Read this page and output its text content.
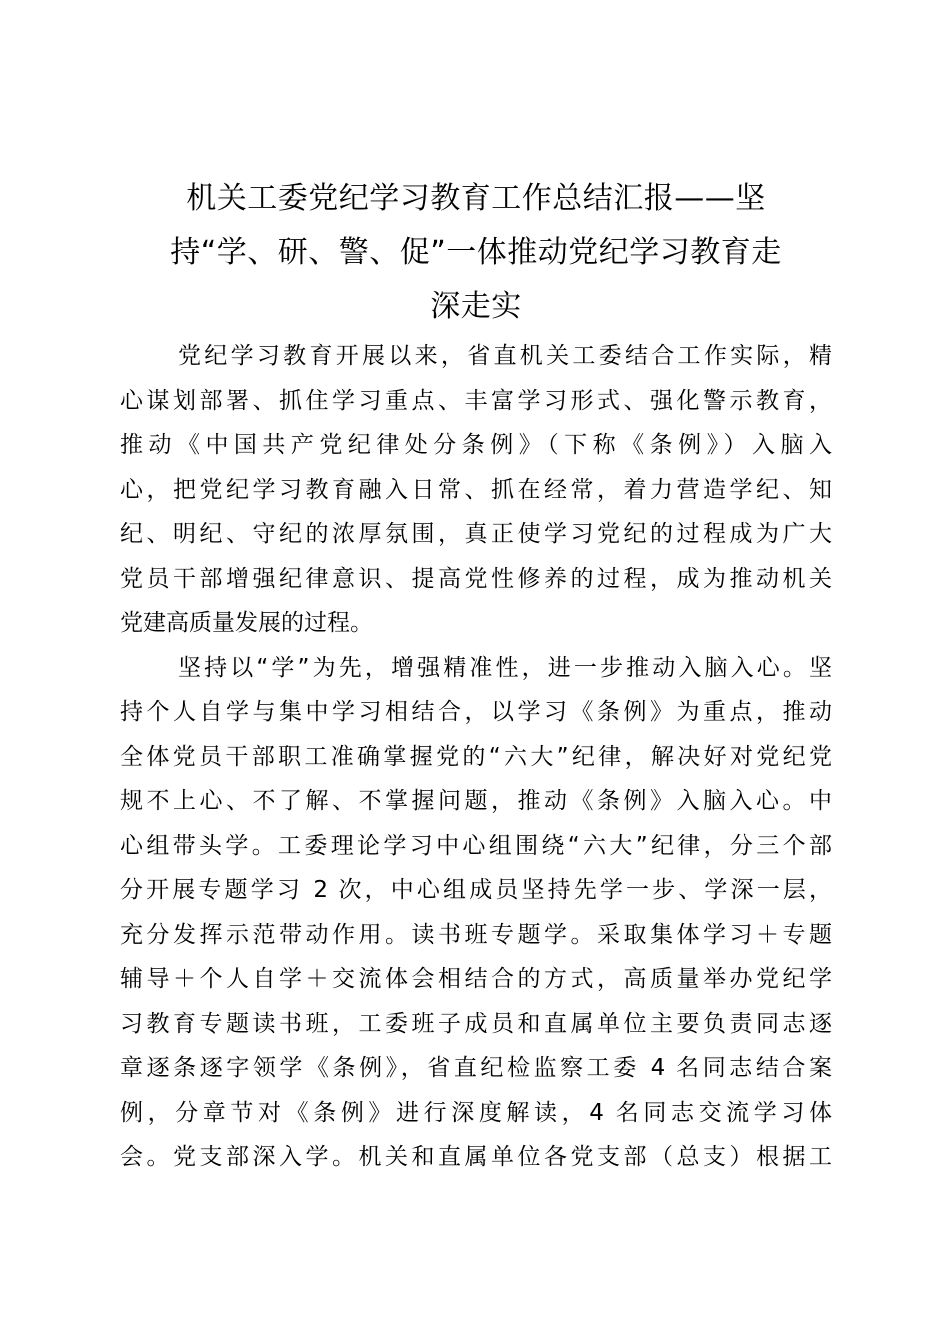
机关工委党纪学习教育工作总结汇报——坚
持“学、研、警、促”一体推动党纪学习教育走
深走实

党纪学习教育开展以来，省直机关工委结合工作实际，精
心谋划部署、抓住学习重点、丰富学习形式、强化警示教育，
推动《中国共产党纪律处分条例》（下称《条例》）入脑入
心，把党纪学习教育融入日常、抓在经常，着力营造学纪、知
纪、明纪、守纪的浓厚氛围，真正使学习党纪的过程成为广大
党员干部增强纪律意识、提高党性修养的过程，成为推动机关
党建高质量发展的过程。

坚持以“学”为先，增强精准性，进一步推动入脑入心。坚
持个人自学与集中学习相结合，以学习《条例》为重点，推动
全体党员干部职工准确掌握党的“六大”纪律，解决好对党纪党
规不上心、不了解、不掌握问题，推动《条例》入脑入心。中
心组带头学。工委理论学习中心组围绕“六大”纪律，分三个部
分开展专题学习 2 次，中心组成员坚持先学一步、学深一层，
充分发挥示范带动作用。读书班专题学。采取集体学习＋专题
辅导＋个人自学＋交流体会相结合的方式，高质量举办党纪学
习教育专题读书班，工委班子成员和直属单位主要负责同志逐
章逐条逐字领学《条例》，省直纪检监察工委 4 名同志结合案
例，分章节对《条例》进行深度解读，4 名同志交流学习体
会。党支部深入学。机关和直属单位各党支部（总支）根据工
